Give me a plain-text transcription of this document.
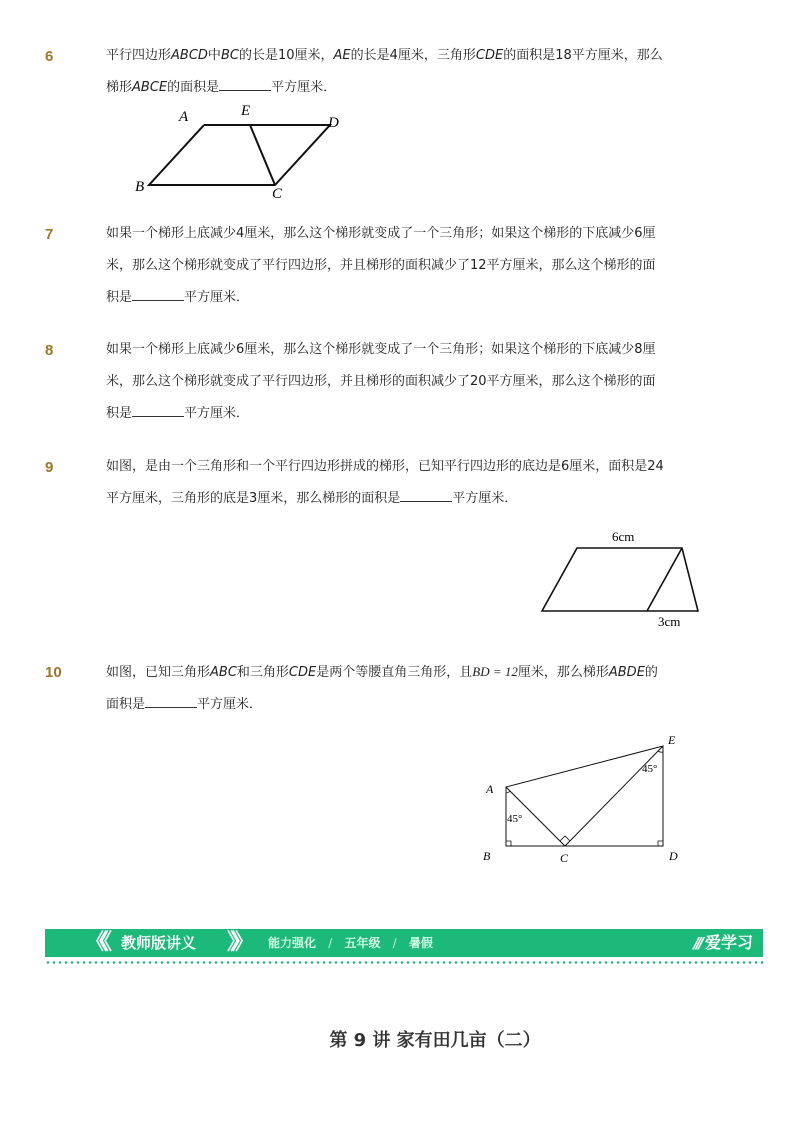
6	平行四边形ABCD中BC的长是10厘米，AE的长是4厘米，三角形CDE的面积是18平方厘米，那么
梯形ABCE的面积是	平方厘米．
A	E
D
B	C
7	如果一个梯形上底减少4厘米，那么这个梯形就变成了一个三角形；如果这个梯形的下底减少6厘
米，那么这个梯形就变成了平行四边形，并且梯形的面积减少了12平方厘米，那么这个梯形的面
积是	平方厘米．
8	如果一个梯形上底减少6厘米，那么这个梯形就变成了一个三角形；如果这个梯形的下底减少8厘
米，那么这个梯形就变成了平行四边形，并且梯形的面积减少了20平方厘米，那么这个梯形的面
积是	平方厘米．
9	如图，是由一个三角形和一个平行四边形拼成的梯形，已知平行四边形的底边是6厘米，面积是24
平方厘米，三角形的底是3厘米，那么梯形的面积是	平方厘米．
6cm
3cm
10	如图，已知三角形ABC和三角形CDE是两个等腰直角三角形，且BD = 12厘米，那么梯形ABDE的
面积是	平方厘米．
A
B	C	D
E
45°
45°
《《 教师版讲义 》》 能力强化 / 五年级 / 暑假	/// 爱学习
第 9 讲 家有田几亩（二）
